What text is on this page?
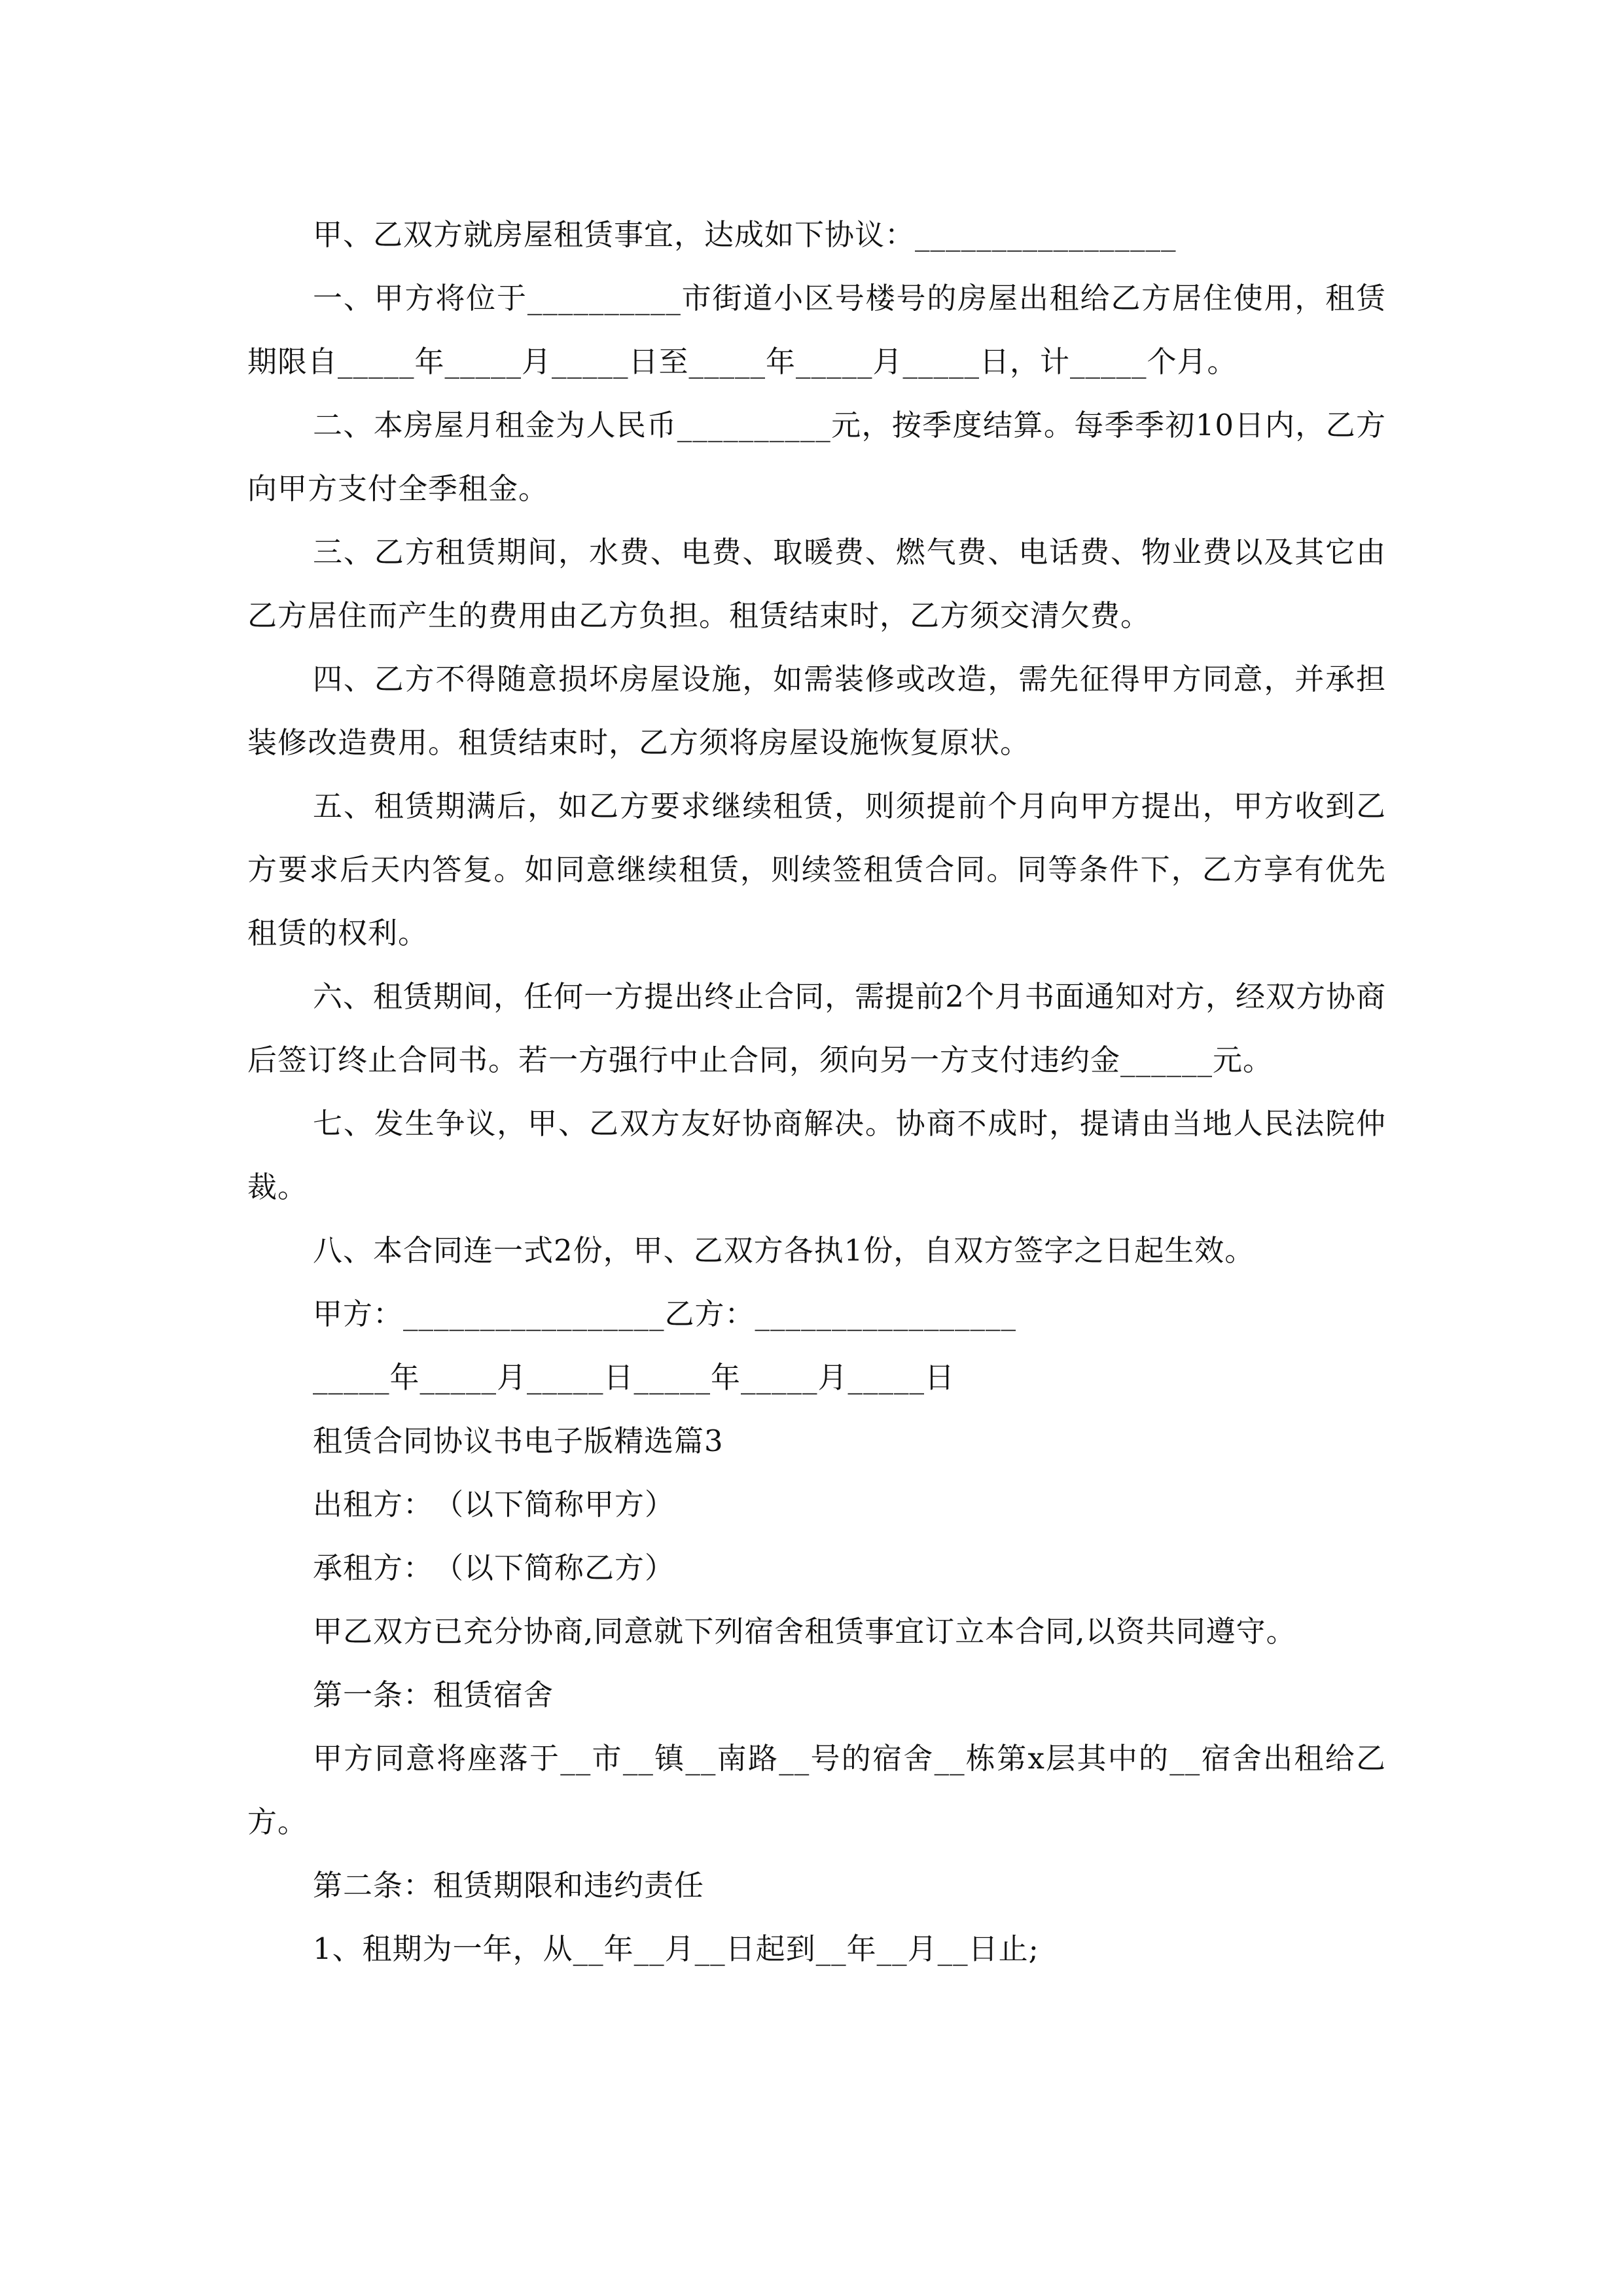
甲、乙双方就房屋租赁事宜，达成如下协议：_________________

一、甲方将位于__________市街道小区号楼号的房屋出租给乙方居住使用，租赁期限自_____年_____月_____日至_____年_____月_____日，计_____个月。

二、本房屋月租金为人民币__________元，按季度结算。每季季初10日内，乙方向甲方支付全季租金。

三、乙方租赁期间，水费、电费、取暖费、燃气费、电话费、物业费以及其它由乙方居住而产生的费用由乙方负担。租赁结束时，乙方须交清欠费。

四、乙方不得随意损坏房屋设施，如需装修或改造，需先征得甲方同意，并承担装修改造费用。租赁结束时，乙方须将房屋设施恢复原状。

五、租赁期满后，如乙方要求继续租赁，则须提前个月向甲方提出，甲方收到乙方要求后天内答复。如同意继续租赁，则续签租赁合同。同等条件下，乙方享有优先租赁的权利。

六、租赁期间，任何一方提出终止合同，需提前2个月书面通知对方，经双方协商后签订终止合同书。若一方强行中止合同，须向另一方支付违约金______元。

七、发生争议，甲、乙双方友好协商解决。协商不成时，提请由当地人民法院仲裁。

八、本合同连一式2份，甲、乙双方各执1份，自双方签字之日起生效。

甲方：_________________乙方：_________________

_____年_____月_____日_____年_____月_____日

租赁合同协议书电子版精选篇3

出租方：　（以下简称甲方）

承租方：　（以下简称乙方）

甲乙双方已充分协商,同意就下列宿舍租赁事宜订立本合同,以资共同遵守。

第一条：租赁宿舍

甲方同意将座落于__市__镇__南路__号的宿舍__栋第x层其中的__宿舍出租给乙方。

第二条：租赁期限和违约责任

1、租期为一年，从__年__月__日起到__年__月__日止;
